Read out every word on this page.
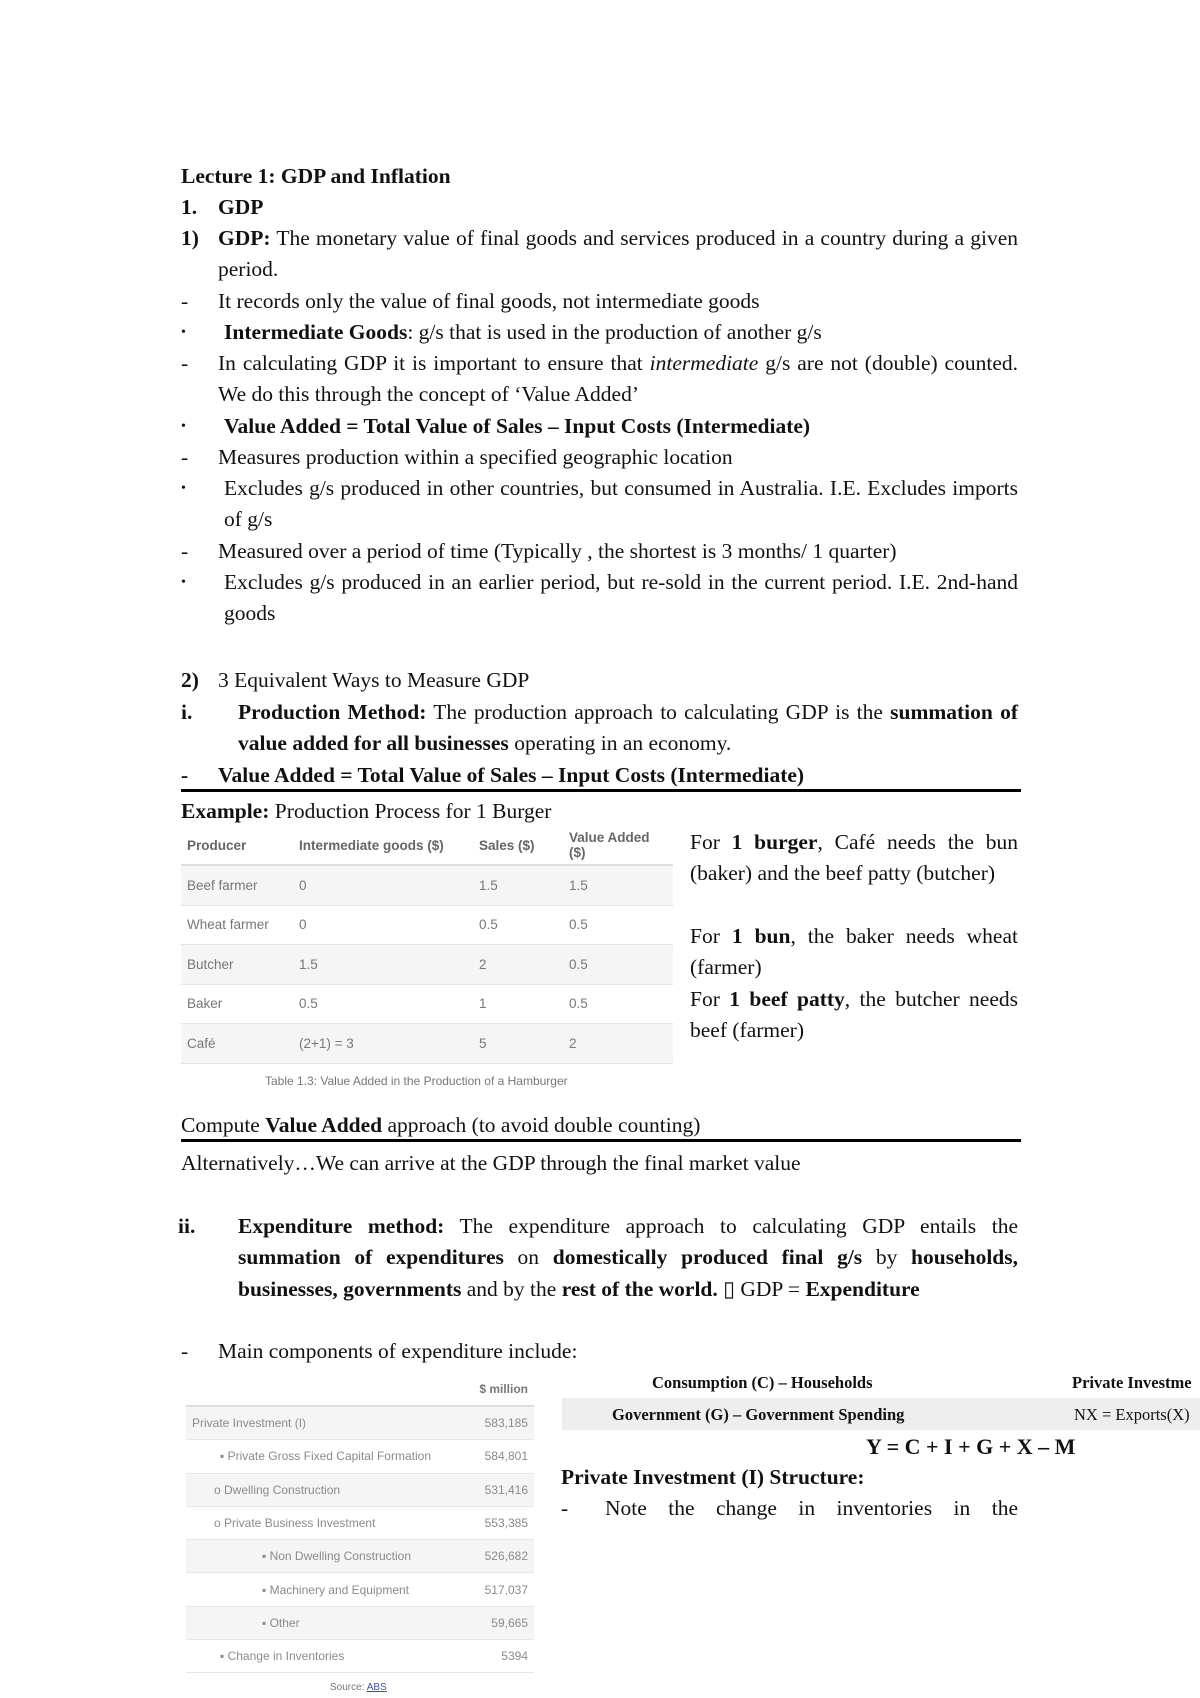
Lecture 1: GDP and Inflation
1. GDP
1) GDP: The monetary value of final goods and services produced in a country during a given period.
- It records only the value of final goods, not intermediate goods
• Intermediate Goods: g/s that is used in the production of another g/s
- In calculating GDP it is important to ensure that intermediate g/s are not (double) counted. We do this through the concept of ‘Value Added’
• Value Added = Total Value of Sales – Input Costs (Intermediate)
- Measures production within a specified geographic location
• Excludes g/s produced in other countries, but consumed in Australia. I.E. Excludes imports of g/s
- Measured over a period of time (Typically , the shortest is 3 months/ 1 quarter)
• Excludes g/s produced in an earlier period, but re-sold in the current period. I.E. 2nd-hand goods
2) 3 Equivalent Ways to Measure GDP
i. Production Method: The production approach to calculating GDP is the summation of value added for all businesses operating in an economy.
- Value Added = Total Value of Sales – Input Costs (Intermediate)
Example: Production Process for 1 Burger
Producer	Intermediate goods ($)	Sales ($)	Value Added ($)
Beef farmer	0	1.5	1.5
Wheat farmer	0	0.5	0.5
Butcher	1.5	2	0.5
Baker	0.5	1	0.5
Café	(2+1) = 3	5	2
Table 1.3: Value Added in the Production of a Hamburger
For 1 burger, Café needs the bun (baker) and the beef patty (butcher)
For 1 bun, the baker needs wheat (farmer)
For 1 beef patty, the butcher needs beef (farmer)
Compute Value Added approach (to avoid double counting)
Alternatively…We can arrive at the GDP through the final market value
ii. Expenditure method: The expenditure approach to calculating GDP entails the summation of expenditures on domestically produced final g/s by households, businesses, governments and by the rest of the world. ▯ GDP = Expenditure
- Main components of expenditure include:
	$ million
Private Investment (I)	583,185
▪ Private Gross Fixed Capital Formation	584,801
o Dwelling Construction	531,416
o Private Business Investment	553,385
▪ Non Dwelling Construction	526,682
▪ Machinery and Equipment	517,037
▪ Other	59,665
▪ Change in Inventories	5394
Source: ABS
Consumption (C) – Households	Private Investme
Government (G) – Government Spending	NX = Exports(X)
Y = C + I + G + X – M
Private Investment (I) Structure:
- Note the change in inventories in the
